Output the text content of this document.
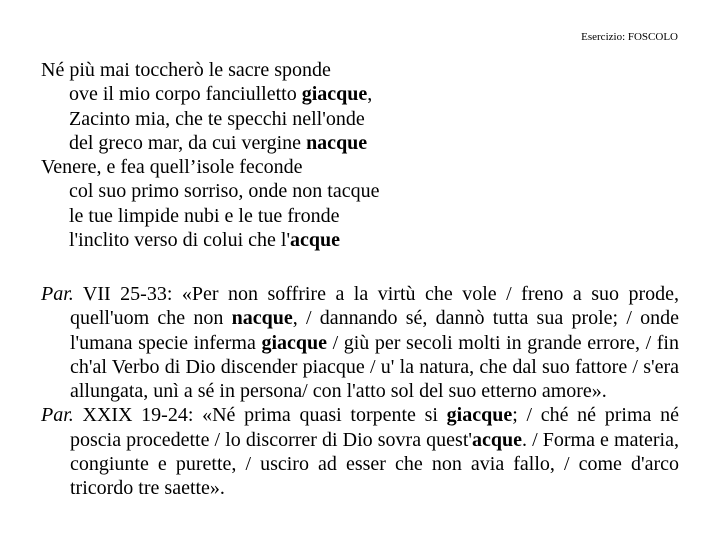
Esercizio: FOSCOLO
Né più mai toccherò le sacre sponde
ove il mio corpo fanciulletto giacque,
Zacinto mia, che te specchi nell'onde
del greco mar, da cui vergine nacque
Venere, e fea quell’isole feconde
col suo primo sorriso, onde non tacque
le tue limpide nubi e le tue fronde
l'inclito verso di colui che l'acque
Par. VII 25-33: «Per non soffrire a la virtù che vole / freno a suo prode, quell'uom che non nacque, / dannando sé, dannò tutta sua prole; / onde l'umana specie inferma giacque / giù per secoli molti in grande errore, / fin ch'al Verbo di Dio discender piacque / u' la natura, che dal suo fattore / s'era allungata, unì a sé in persona/ con l'atto sol del suo etterno amore».
Par. XXIX 19-24: «Né prima quasi torpente si giacque; / ché né prima né poscia procedette / lo discorrer di Dio sovra quest'acque. / Forma e materia, congiunte e purette, / usciro ad esser che non avia fallo, / come d'arco tricordo tre saette».
